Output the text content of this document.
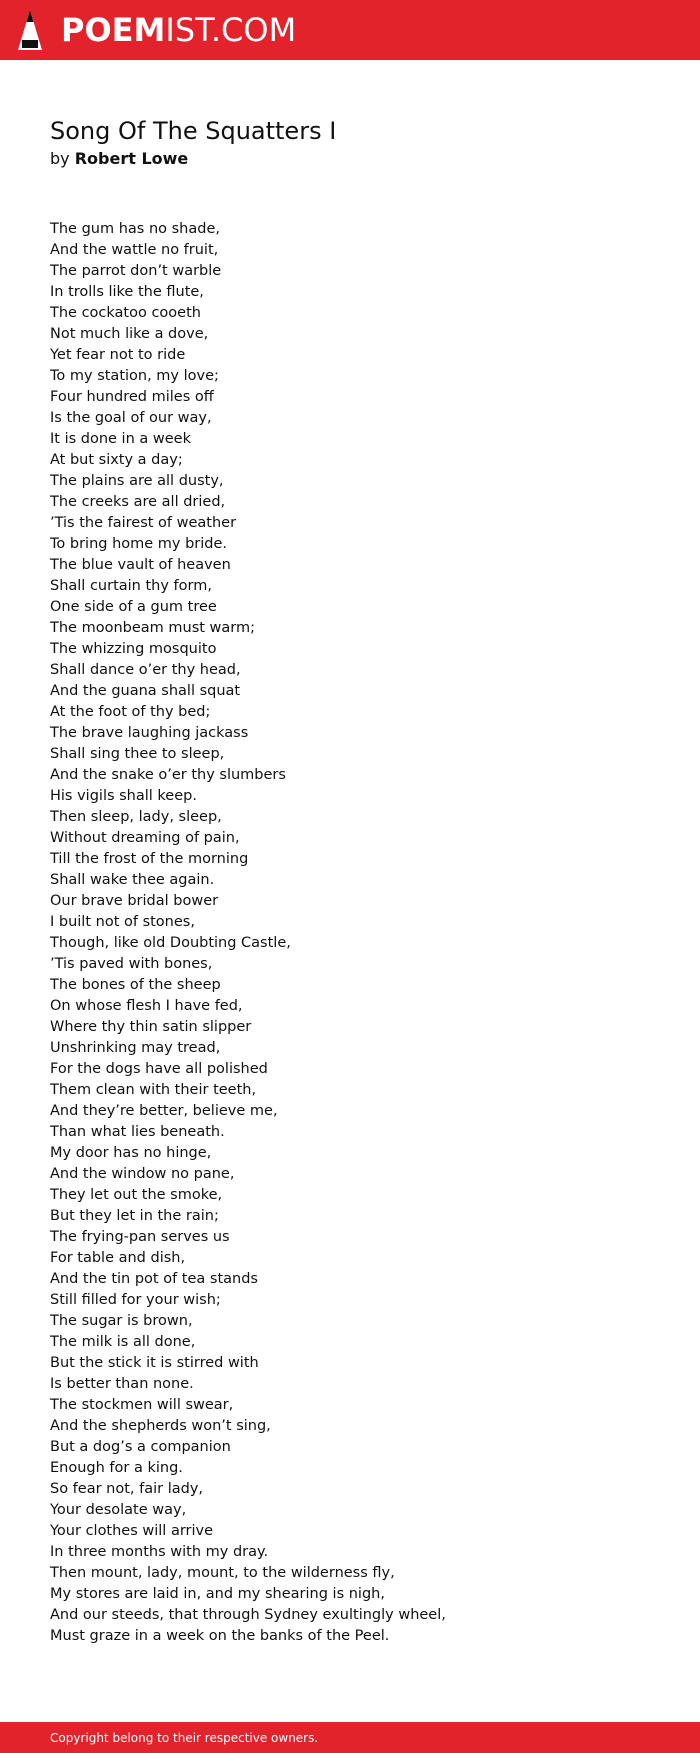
POEMIST.COM
Song Of The Squatters I
by Robert Lowe
The gum has no shade,
And the wattle no fruit,
The parrot don’t warble
In trolls like the flute,
The cockatoo cooeth
Not much like a dove,
Yet fear not to ride
To my station, my love;
Four hundred miles off
Is the goal of our way,
It is done in a week
At but sixty a day;
The plains are all dusty,
The creeks are all dried,
’Tis the fairest of weather
To bring home my bride.
The blue vault of heaven
Shall curtain thy form,
One side of a gum tree
The moonbeam must warm;
The whizzing mosquito
Shall dance o’er thy head,
And the guana shall squat
At the foot of thy bed;
The brave laughing jackass
Shall sing thee to sleep,
And the snake o’er thy slumbers
His vigils shall keep.
Then sleep, lady, sleep,
Without dreaming of pain,
Till the frost of the morning
Shall wake thee again.
Our brave bridal bower
I built not of stones,
Though, like old Doubting Castle,
’Tis paved with bones,
The bones of the sheep
On whose flesh I have fed,
Where thy thin satin slipper
Unshrinking may tread,
For the dogs have all polished
Them clean with their teeth,
And they’re better, believe me,
Than what lies beneath.
My door has no hinge,
And the window no pane,
They let out the smoke,
But they let in the rain;
The frying-pan serves us
For table and dish,
And the tin pot of tea stands
Still filled for your wish;
The sugar is brown,
The milk is all done,
But the stick it is stirred with
Is better than none.
The stockmen will swear,
And the shepherds won’t sing,
But a dog’s a companion
Enough for a king.
So fear not, fair lady,
Your desolate way,
Your clothes will arrive
In three months with my dray.
Then mount, lady, mount, to the wilderness fly,
My stores are laid in, and my shearing is nigh,
And our steeds, that through Sydney exultingly wheel,
Must graze in a week on the banks of the Peel.
Copyright belong to their respective owners.
